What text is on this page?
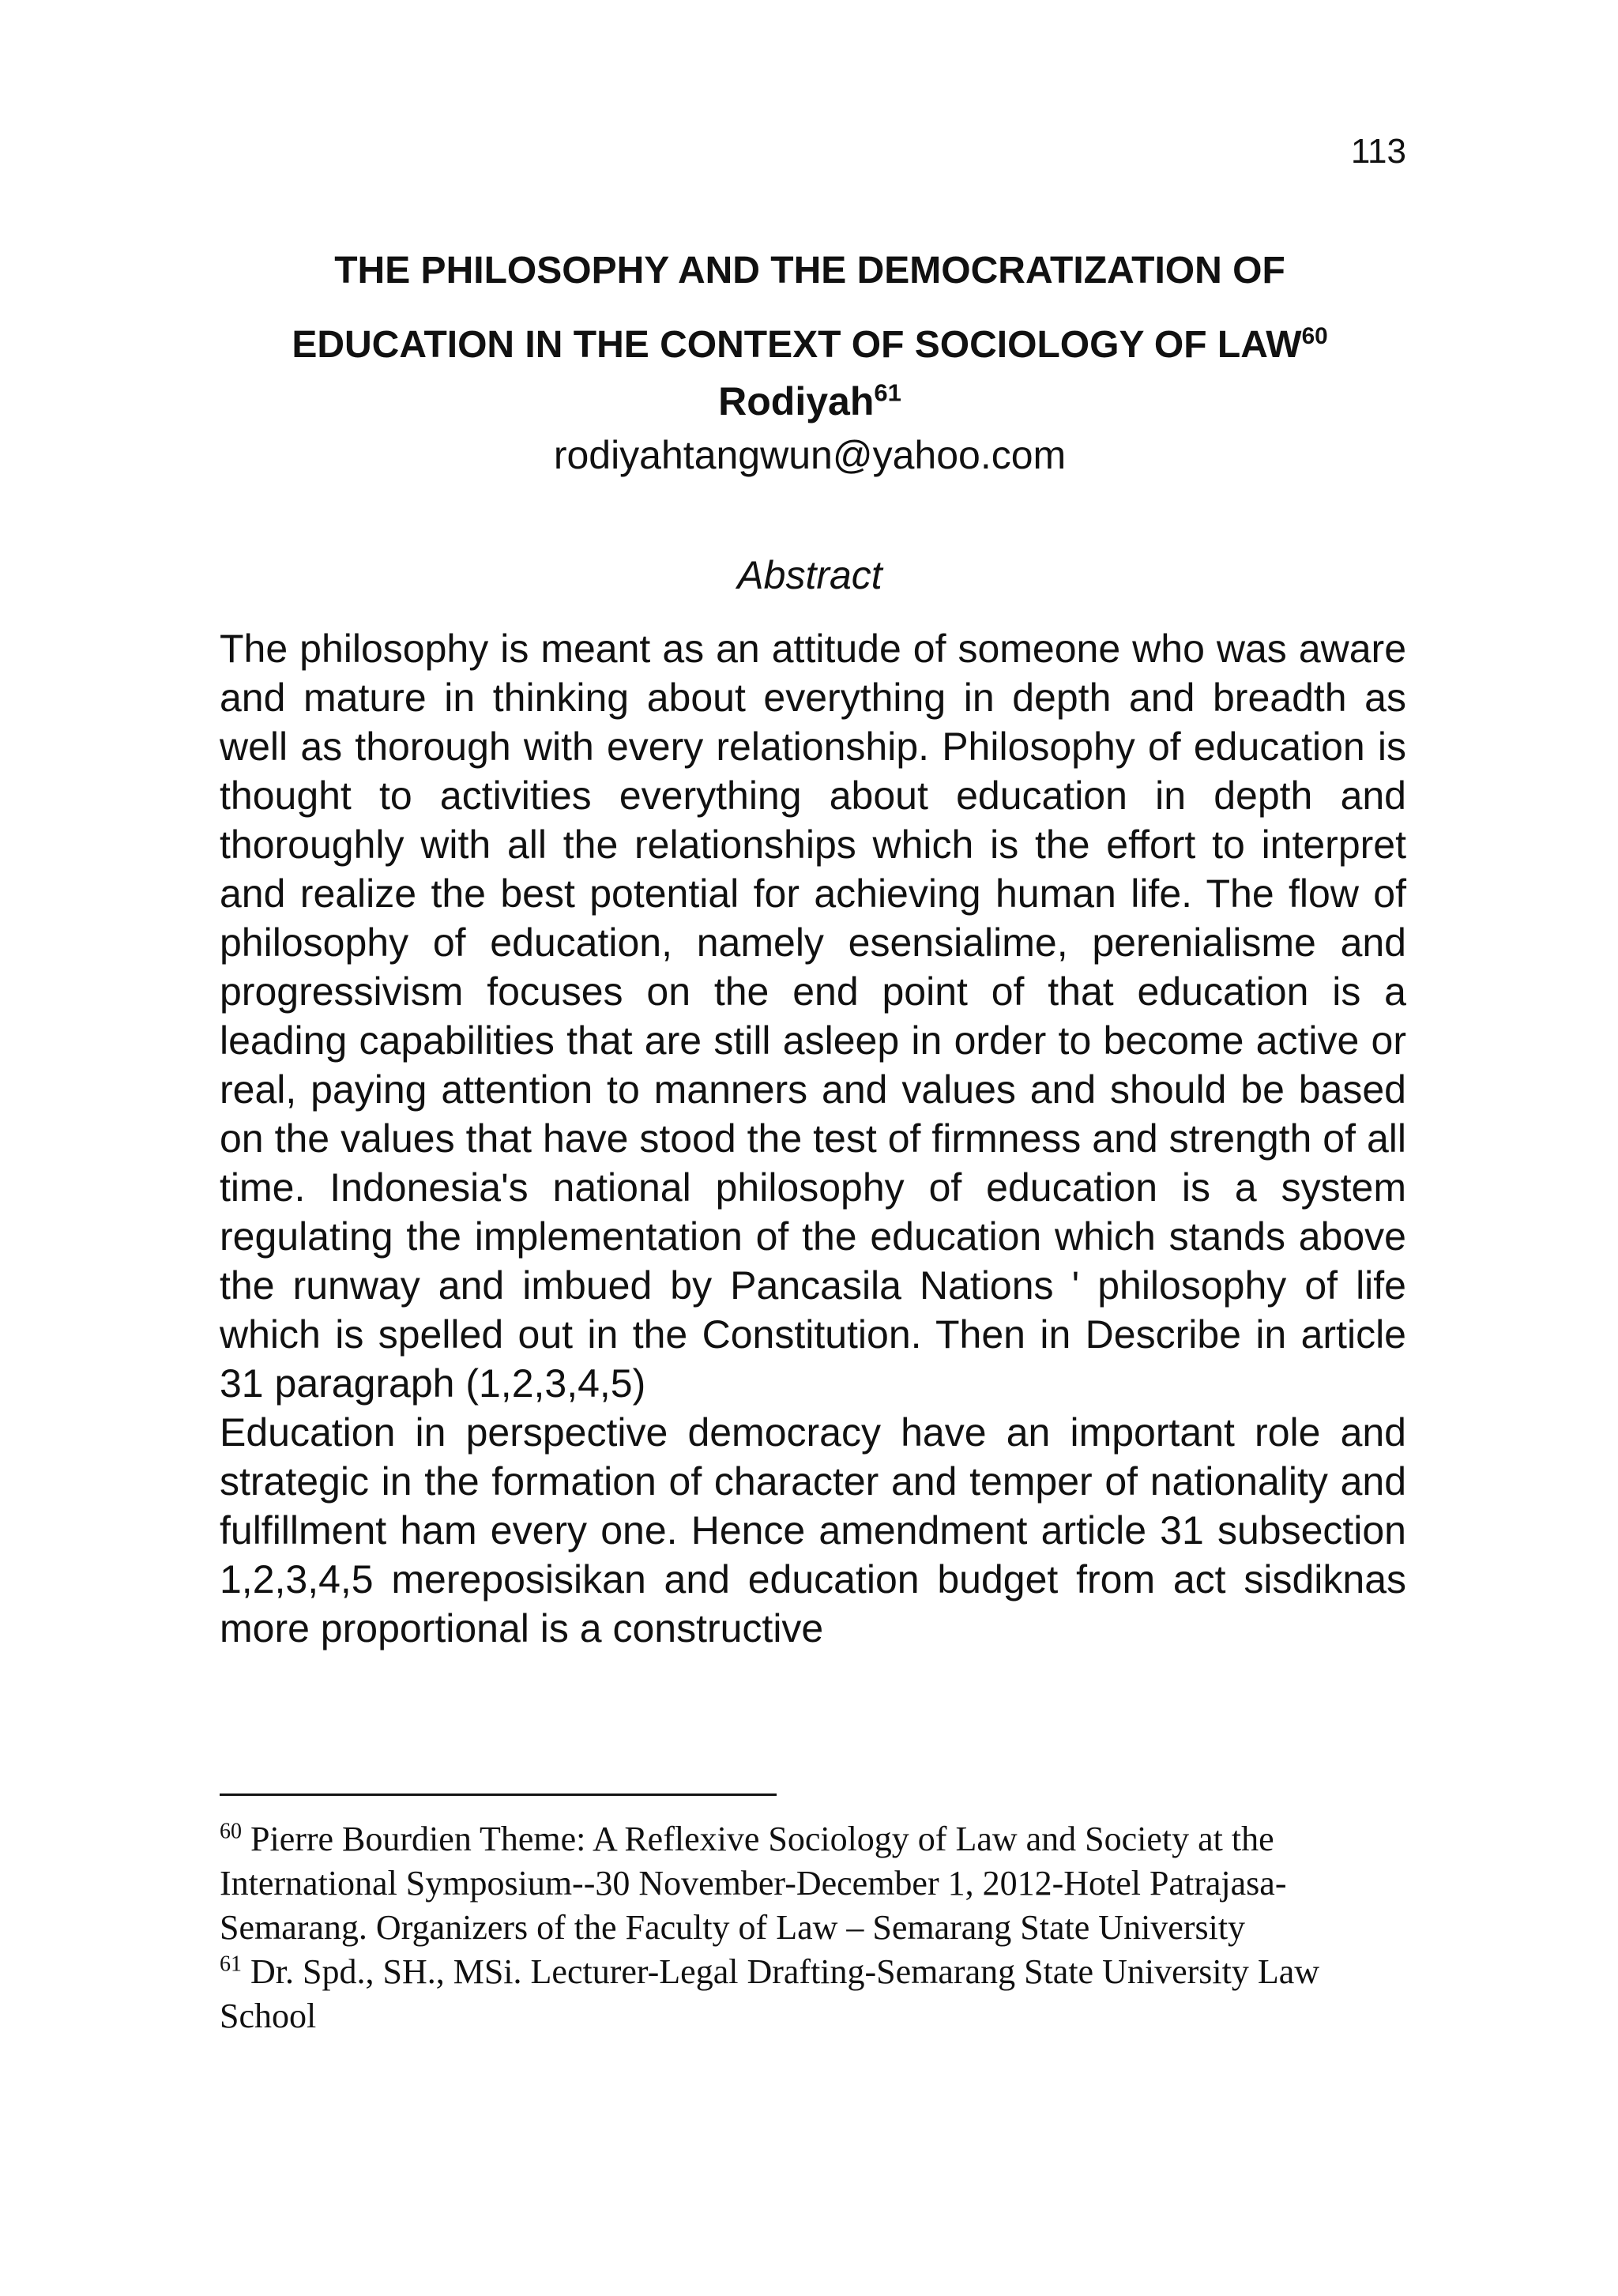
113
THE PHILOSOPHY AND THE DEMOCRATIZATION OF
EDUCATION IN THE CONTEXT OF SOCIOLOGY OF LAW$^{60}$
Rodiyah$^{61}$
rodiyahtangwun@yahoo.com
Abstract

The philosophy is meant as an attitude of someone who was aware and mature in thinking about everything in depth and breadth as well as thorough with every relationship. Philosophy of education is thought to activities everything about education in depth and thoroughly with all the relationships which is the effort to interpret and realize the best potential for achieving human life. The flow of philosophy of education, namely esensialime, perenialisme and progressivism focuses on the end point of that education is a leading capabilities that are still asleep in order to become active or real, paying attention to manners and values and should be based on the values that have stood the test of firmness and strength of all time. Indonesia's national philosophy of education is a system regulating the implementation of the education which stands above the runway and imbued by Pancasila Nations ' philosophy of life which is spelled out in the Constitution. Then in Describe in article 31 paragraph (1,2,3,4,5)

Education in perspective democracy have an important role and strategic in the formation of character and temper of nationality and fulfillment ham every one. Hence amendment article 31 subsection 1,2,3,4,5 mereposisikan and education budget from act sisdiknas more proportional is a constructive

$^{60}$ Pierre Bourdien Theme: A Reflexive Sociology of Law and Society at the International Symposium--30 November-December 1, 2012-Hotel Patrajasa-Semarang. Organizers of the Faculty of Law – Semarang State University

$^{61}$ Dr. Spd., SH., MSi. Lecturer-Legal Drafting-Semarang State University Law School
